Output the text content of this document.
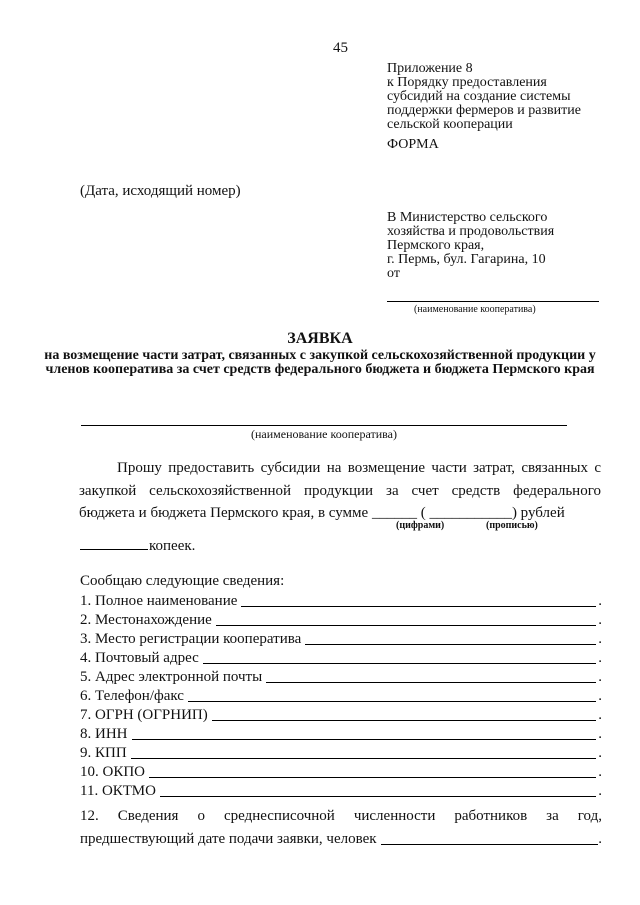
45
Приложение 8
к Порядку предоставления
субсидий на создание системы
поддержки фермеров и развитие
сельской кооперации
ФОРМА
(Дата, исходящий номер)
В Министерство сельского
хозяйства и продовольствия
Пермского края,
г. Пермь, бул. Гагарина, 10
от
(наименование кооператива)
ЗАЯВКА
на возмещение части затрат, связанных с закупкой сельскохозяйственной продукции у членов кооператива за счет средств федерального бюджета и бюджета Пермского края
(наименование кооператива)
Прошу предоставить субсидии на возмещение части затрат, связанных с закупкой сельскохозяйственной продукции за счет средств федерального бюджета и бюджета Пермского края, в сумме ______ ( ___________) рублей
(цифрами)	(прописью)
копеек.
Сообщаю следующие сведения:
1. Полное наименование	.
2. Местонахождение	.
3. Место регистрации кооператива	.
4. Почтовый адрес	.
5. Адрес электронной почты	.
6. Телефон/факс	.
7. ОГРН (ОГРНИП)	.
8. ИНН	.
9. КПП	.
10. ОКПО	.
11. ОКТМО	.
12. Сведения о среднесписочной численности работников за год,
предшествующий дате подачи заявки, человек	.
